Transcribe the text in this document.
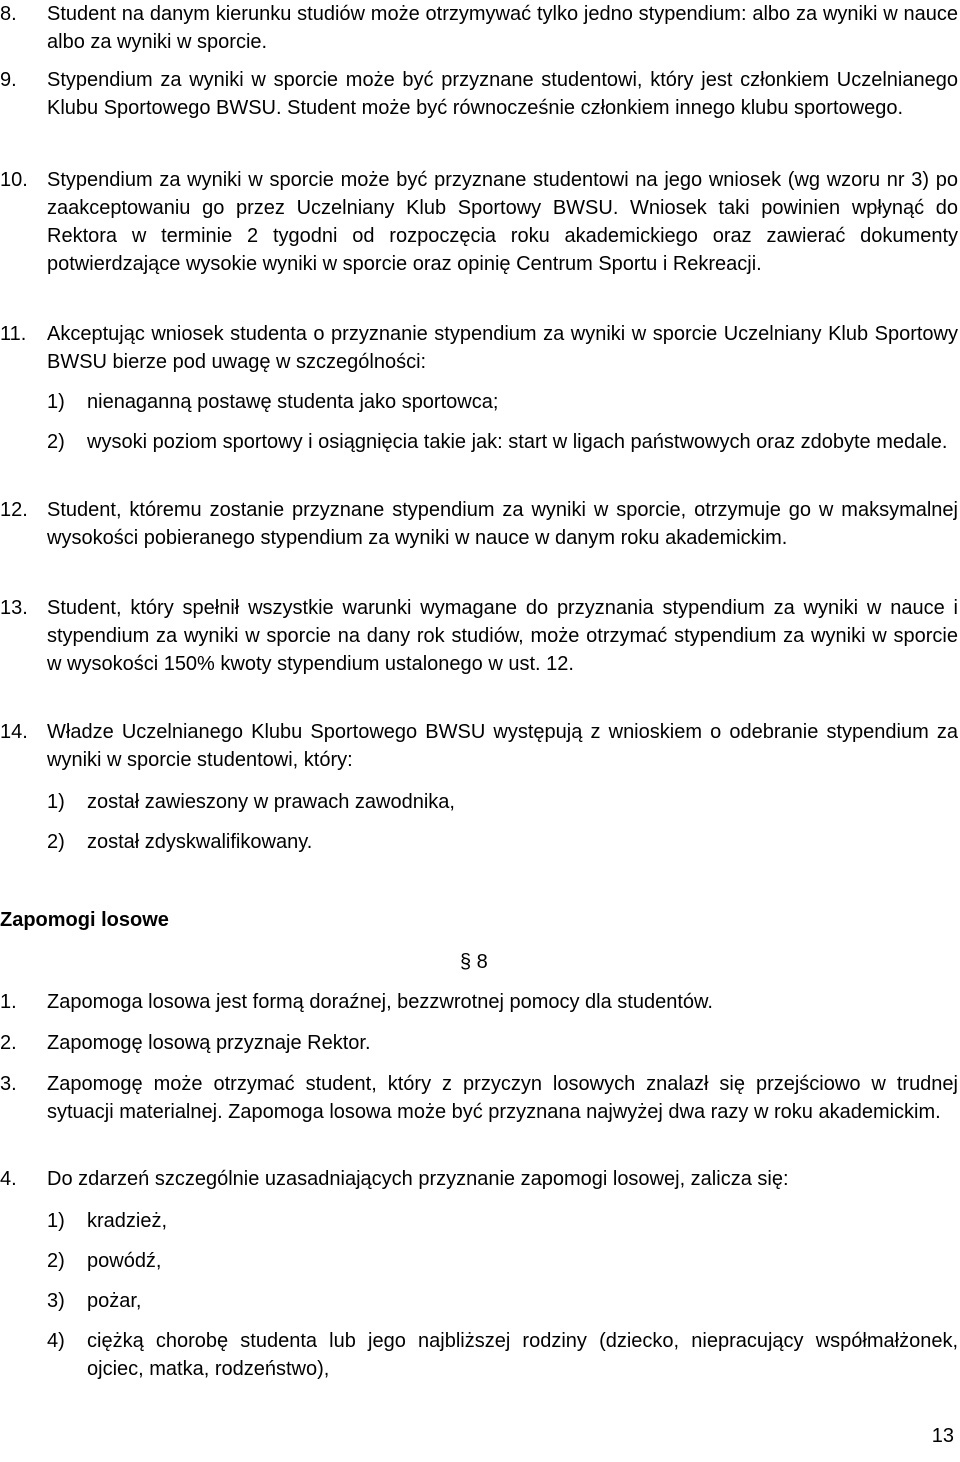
8. Student na danym kierunku studiów może otrzymywać tylko jedno stypendium: albo za wyniki w nauce albo za wyniki w sporcie.
9. Stypendium za wyniki w sporcie może być przyznane studentowi, który jest członkiem Uczelnianego Klubu Sportowego BWSU. Student może być równocześnie członkiem innego klubu sportowego.
10. Stypendium za wyniki w sporcie może być przyznane studentowi na jego wniosek (wg wzoru nr 3) po zaakceptowaniu go przez Uczelniany Klub Sportowy BWSU. Wniosek taki powinien wpłynąć do Rektora w terminie 2 tygodni od rozpoczęcia roku akademickiego oraz zawierać dokumenty potwierdzające wysokie wyniki w sporcie oraz opinię Centrum Sportu i Rekreacji.
11. Akceptując wniosek studenta o przyznanie stypendium za wyniki w sporcie Uczelniany Klub Sportowy BWSU bierze pod uwagę w szczególności:
1) nienaganną postawę studenta jako sportowca;
2) wysoki poziom sportowy i osiągnięcia takie jak: start w ligach państwowych oraz zdobyte medale.
12. Student, któremu zostanie przyznane stypendium za wyniki w sporcie, otrzymuje go w maksymalnej wysokości pobieranego stypendium za wyniki w nauce w danym roku akademickim.
13. Student, który spełnił wszystkie warunki wymagane do przyznania stypendium za wyniki w nauce i stypendium za wyniki w sporcie na dany rok studiów, może otrzymać stypendium za wyniki w sporcie w wysokości 150% kwoty stypendium ustalonego w ust. 12.
14. Władze Uczelnianego Klubu Sportowego BWSU występują z wnioskiem o odebranie stypendium za wyniki w sporcie studentowi, który:
1) został zawieszony w prawach zawodnika,
2) został zdyskwalifikowany.
Zapomogi losowe
§ 8
1. Zapomoga losowa jest formą doraźnej, bezzwrotnej pomocy dla studentów.
2. Zapomogę losową przyznaje Rektor.
3. Zapomogę może otrzymać student, który z przyczyn losowych znalazł się przejściowo w trudnej sytuacji materialnej. Zapomoga losowa może być przyznana najwyżej dwa razy w roku akademickim.
4. Do zdarzeń szczególnie uzasadniających przyznanie zapomogi losowej, zalicza się:
1) kradzież,
2) powódź,
3) pożar,
4) ciężką chorobę studenta lub jego najbliższej rodziny (dziecko, niepracujący współmałżonek, ojciec, matka, rodzeństwo),
13
